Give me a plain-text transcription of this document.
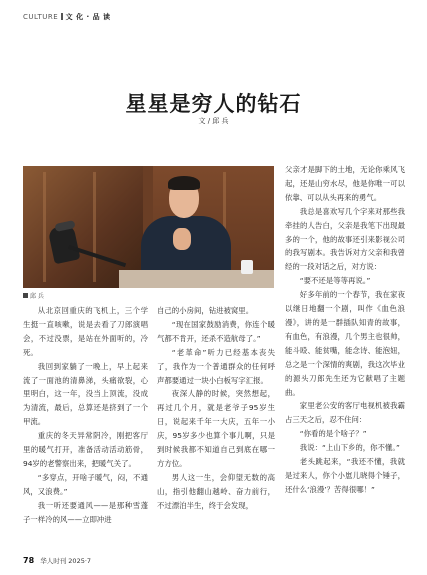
CULTURE 文 化 · 品 读
星星是穷人的钻石
文 / 邱 兵
邱 兵

从北京回重庆的飞机上，三个学生挺一直咳嗽，说是去看了刀郎演唱会，不过没票，是站在外面听的，冷死。

我回到家躺了一晚上，早上起来流了一面池的清鼻涕，头痛欲裂，心里明白，这一年，没当上顶流，没成为清流，最后，总算还是挤到了一个甲流。

重庆的冬天异常阴冷，刚把客厅里的暖气打开，准备活动活动筋骨，94岁的老警察出来，把暖气关了。

“多穿点，开啥子暖气，闷，不通风，又浪费。”

我一听还要通风——是那种雪蓬子一样冷的风——立即冲进

自己的小房间，钻进被窝里。

“现在国家鼓励消费，你连个暖气都不肯开，还杀不造航母了。”

“老革命”听力已经基本丧失了，我作为一个普通群众的任何呼声都要通过一块小白板写字汇报。

夜深人静的时候，突然想起，再过几个月，就是老爷子95岁生日，说起来千年一大庆，五年一小庆，95岁多少也算个事儿啊，只是到时候我都不知道自己到底在哪一方方位。

男人这一生，会仰望无数的高山，指引他翻山越岭、奋力前行，不过漂泊半生，终于会发现，

父亲才是脚下的土地，无论你乘风飞起，还是山穷水尽，他是你唯一可以依靠、可以从头再来的勇气。

我总是喜欢写几个字来对那些我牵挂的人告白，父亲是我笔下出现最多的一个，他的故事还引来影视公司的我写剧本。我告诉对方父亲和我曾经的一段对话之后，对方说：

“要不还是等等再说。”

好多年前的一个春节，我在家夜以继日地翻一个剧，叫作《血色浪漫》，讲的是一群插队知青的故事，有血色，有浪漫，几个男主也很帅，能斗殴、能贫嘴，能念诗、能泡妞，总之是一个深情的爽剧，我这次毕业的源头刀郎先生还为它献唱了主题曲。

家里老公安的客厅电视机被我霸占三天之后，忍不住问：

“你看的是个啥子？”

我说：“上山下乡的，你不懂。”

老头跳起来，“我还不懂，我就是过来人，你个小崽儿晓得个锤子，还什么‘浪漫’？苦得很哪！”

78 华人时刊 2025·7
